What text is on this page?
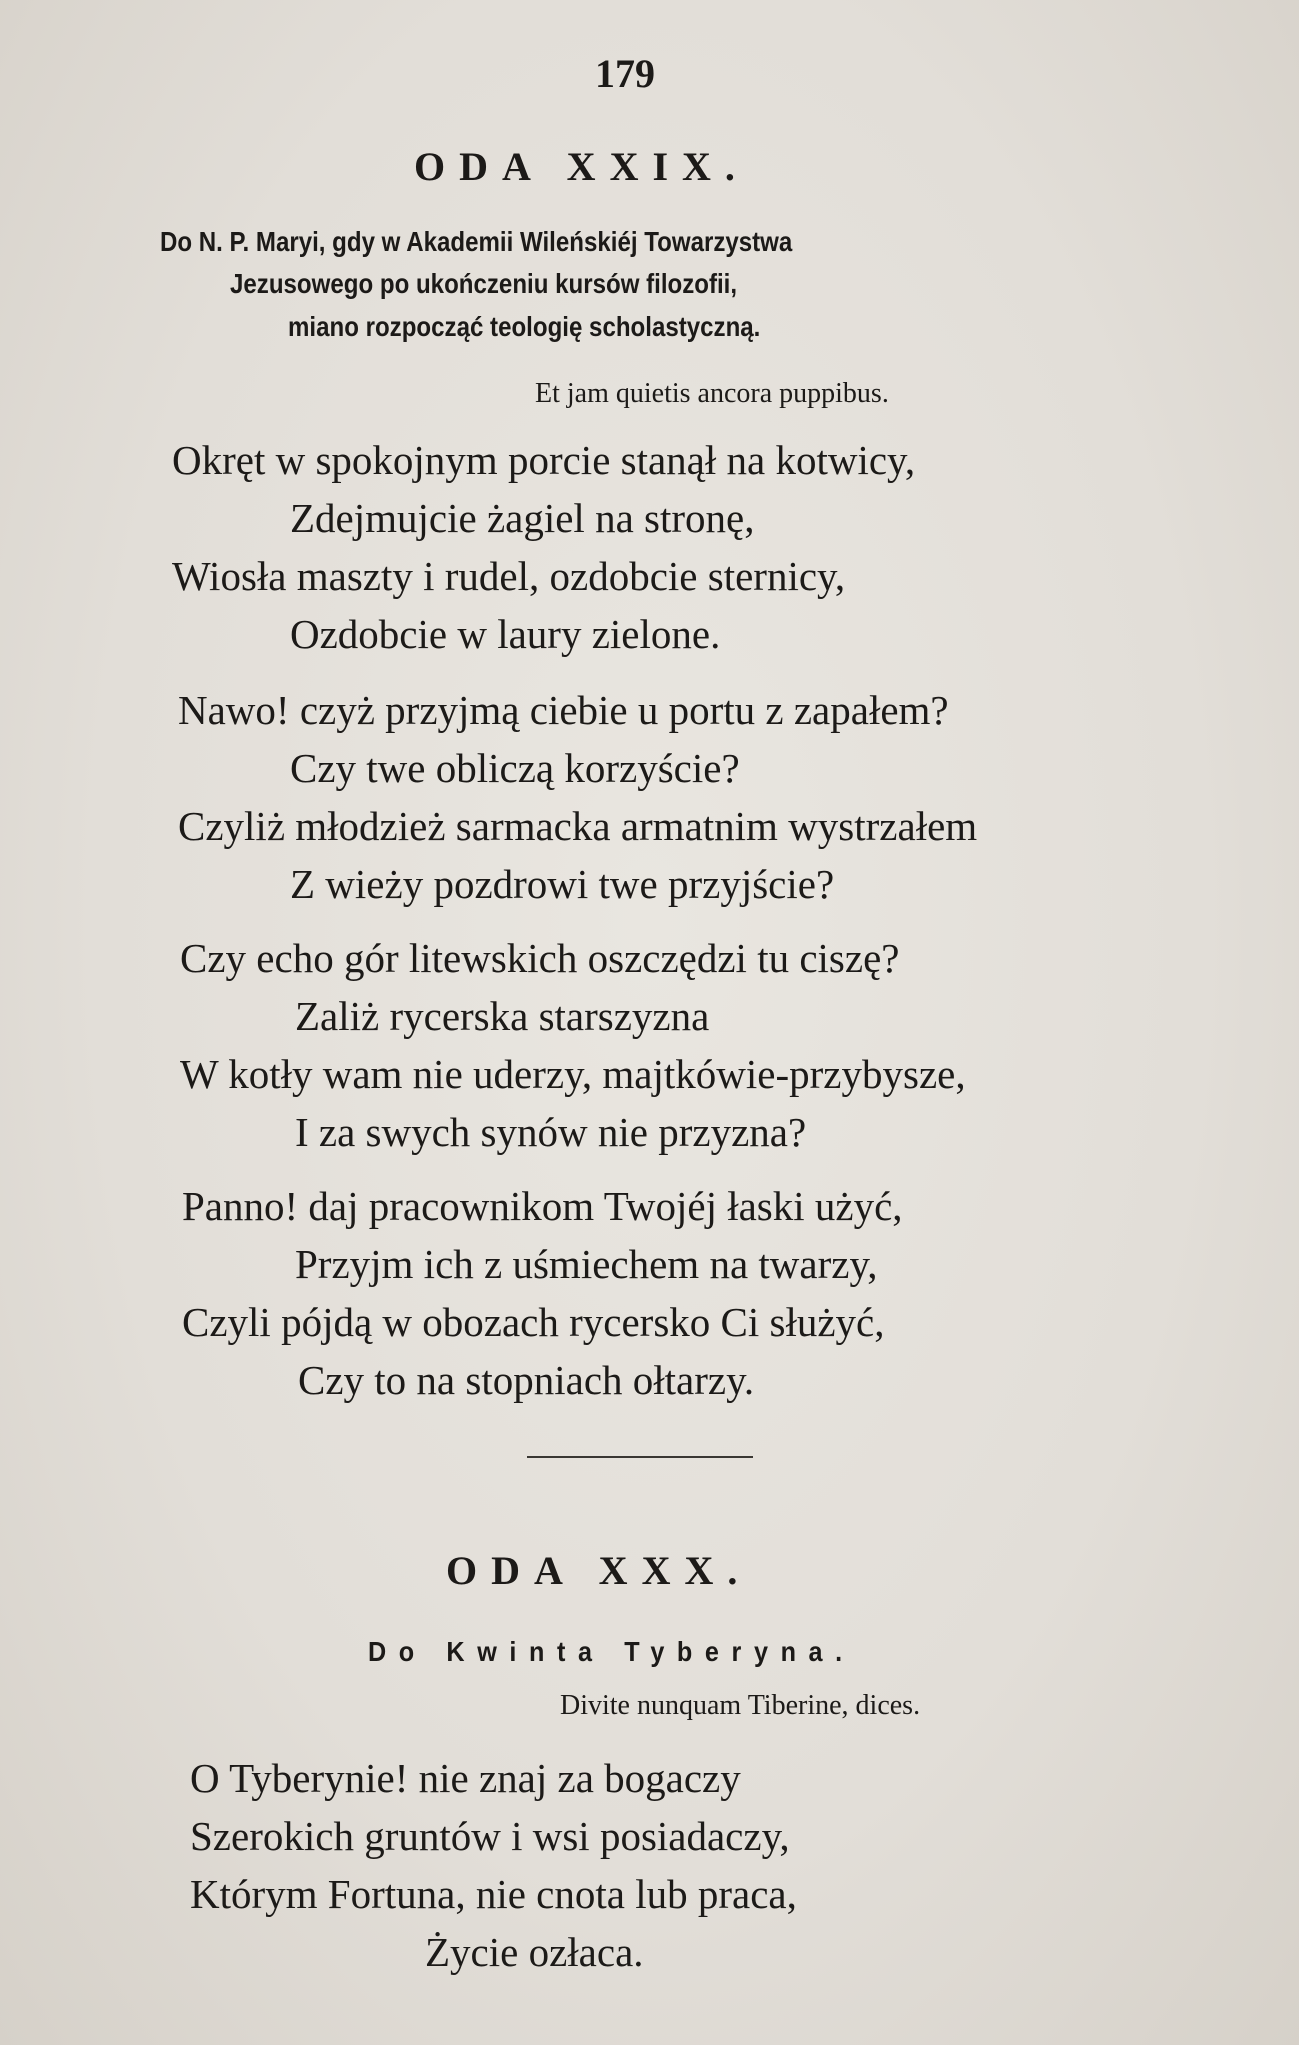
179
ODA XXIX.
Do N. P. Maryi, gdy w Akademii Wileńskiéj Towarzystwa
Jezusowego po ukończeniu kursów filozofii,
miano rozpocząć teologię scholastyczną.
Et jam quietis ancora puppibus.
Okręt w spokojnym porcie stanął na kotwicy,
Zdejmujcie żagiel na stronę,
Wiosła maszty i rudel, ozdobcie sternicy,
Ozdobcie w laury zielone.
Nawo! czyż przyjmą ciebie u portu z zapałem?
Czy twe obliczą korzyście?
Czyliż młodzież sarmacka armatnim wystrzałem
Z wieży pozdrowi twe przyjście?
Czy echo gór litewskich oszczędzi tu ciszę?
Zaliż rycerska starszyzna
W kotły wam nie uderzy, majtkówie-przybysze,
I za swych synów nie przyzna?
Panno! daj pracownikom Twojéj łaski użyć,
Przyjm ich z uśmiechem na twarzy,
Czyli pójdą w obozach rycersko Ci służyć,
Czy to na stopniach ołtarzy.
ODA XXX.
Do Kwinta Tyberyna.
Divite nunquam Tiberine, dices.
O Tyberynie! nie znaj za bogaczy
Szerokich gruntów i wsi posiadaczy,
Którym Fortuna, nie cnota lub praca,
Życie ozłaca.
